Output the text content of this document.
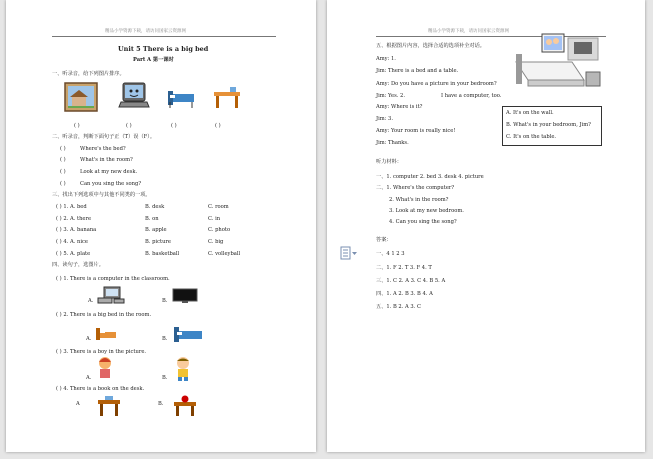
精品小学资源下载，请访问国家云资源网
Unit 5 There is a big bed
Part A 第一课时
一、听录音，给下列图片排序。
( )	( )	( )	( )
二、听录音，判断下面句子正（T）误（F）。
( )	Where's the bed?
( )	What's in the room?
( )	Look at my new desk.
( )	Can you sing the song?
三、找出下列选项中与其他不同类的一项。
( ) 1. A. bed	B. desk	C. room
( ) 2. A. there	B. on	C. in
( ) 3. A. banana	B. apple	C. photo
( ) 4. A. nice	B. picture	C. big
( ) 5. A. plate	B. basketball	C. volleyball
四、读句子，选图片。
( ) 1. There is a computer in the classroom.
A.	B.
( ) 2. There is a big bed in the room.
A.	B.
( ) 3. There is a boy in the picture.
A.	B.
( ) 4. There is a book on the desk.
A	B.
精品小学资源下载，请访问国家云资源网
五、根据图片内容，选择合适的选项补全对话。
Amy: 1.
Jim: There is a bed and a table.
Amy: Do you have a picture in your bedroom?
Jim: Yes. 2.	I have a computer, too.
Amy: Where is it?
Jim: 3.
Amy: Your room is really nice!
Jim: Thanks.
A. It's on the wall.
B. What's in your bedroom, Jim?
C. It's on the table.
听力材料：
一、1. computer 2. bed 3. desk 4. picture
二、1. Where's the computer?
2. What's in the room?
3. Look at my new bedroom.
4. Can you sing the song?
答案：
一、4 1 2 3
二、1. F 2. T 3. F 4. T
三、1. C 2. A 3. C 4. B 5. A
四、1. A 2. B 3. B 4. A
五、1. B 2. A 3. C
